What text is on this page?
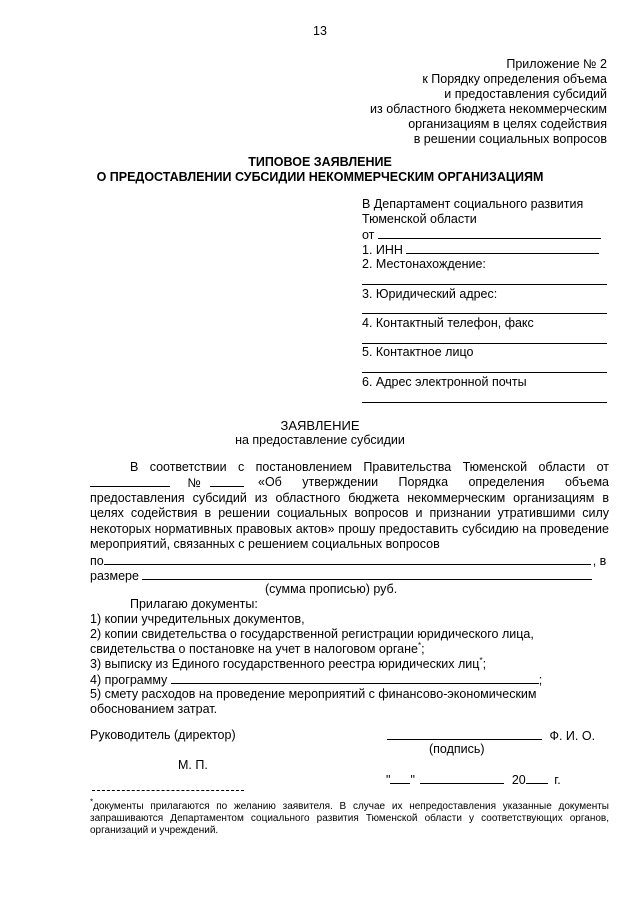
13
Приложение № 2
к Порядку определения объема
и предоставления субсидий
из областного бюджета некоммерческим
организациям в целях содействия
в решении социальных вопросов
ТИПОВОЕ ЗАЯВЛЕНИЕ
О ПРЕДОСТАВЛЕНИИ СУБСИДИИ НЕКОММЕРЧЕСКИМ ОРГАНИЗАЦИЯМ
В Департамент социального развития
Тюменской области
от
1. ИНН
2. Местонахождение:
3. Юридический адрес:
4. Контактный телефон, факс
5. Контактное лицо
6. Адрес электронной почты
ЗАЯВЛЕНИЕ
на предоставление субсидии
В соответствии с постановлением Правительства Тюменской области от
№	«Об утверждении Порядка определения объема предоставления субсидий из областного бюджета некоммерческим организациям в целях содействия в решении социальных вопросов и признании утратившими силу некоторых нормативных правовых актов» прошу предоставить субсидию на проведение мероприятий, связанных с решением социальных вопросов
по	, в
размере
(сумма прописью) руб.
Прилагаю документы:
1) копии учредительных документов,
2) копии свидетельства о государственной регистрации юридического лица,
свидетельства о постановке на учет в налоговом органе*;
3) выписку из Единого государственного реестра юридических лиц*;
4) программу	;
5) смету расходов на проведение мероприятий с финансово-экономическим
обоснованием затрат.
Руководитель (директор)	Ф. И. О.
(подпись)
М. П.
" "	20 г.
*документы прилагаются по желанию заявителя. В случае их непредоставления указанные документы запрашиваются Департаментом социального развития Тюменской области у соответствующих органов, организаций и учреждений.
